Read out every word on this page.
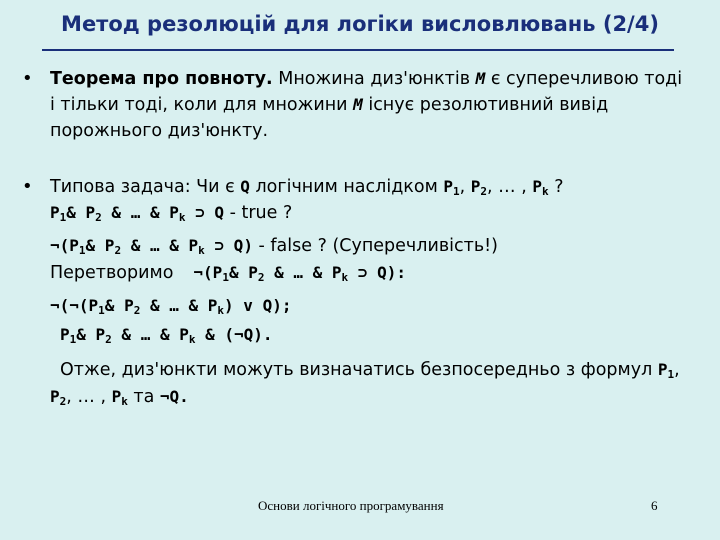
Метод резолюцій для логіки висловлювань (2/4)
• Теорема про повноту. Множина диз'юнктів M є суперечливою тоді
і тільки тоді, коли для множини M існує резолютивний вивід
порожнього диз'юнкту.
• Типова задача: Чи є Q логічним наслідком $P_1$, $P_2$, … , $P_k$ ?
$P_1\&$ $P_2$ & … & $P_k$ ⊃ Q - true ?
$\neg(P_1\&$ $P_2$ & … & $P_k$ ⊃ Q) - false ? (Суперечливість!)
Перетворимо $\neg(P_1\&$ $P_2$ & … & $P_k$ ⊃ Q):
$\neg(\neg(P_1\&$ $P_2$ & … & $P_k$) v Q);
$P_1\&$ $P_2$ & … & $P_k$ & (¬Q).
Отже, диз'юнкти можуть визначатись безпосередньо з формул $P_1$,
$P_2$, … , $P_k$ та ¬Q.
Основи логічного програмування	6
